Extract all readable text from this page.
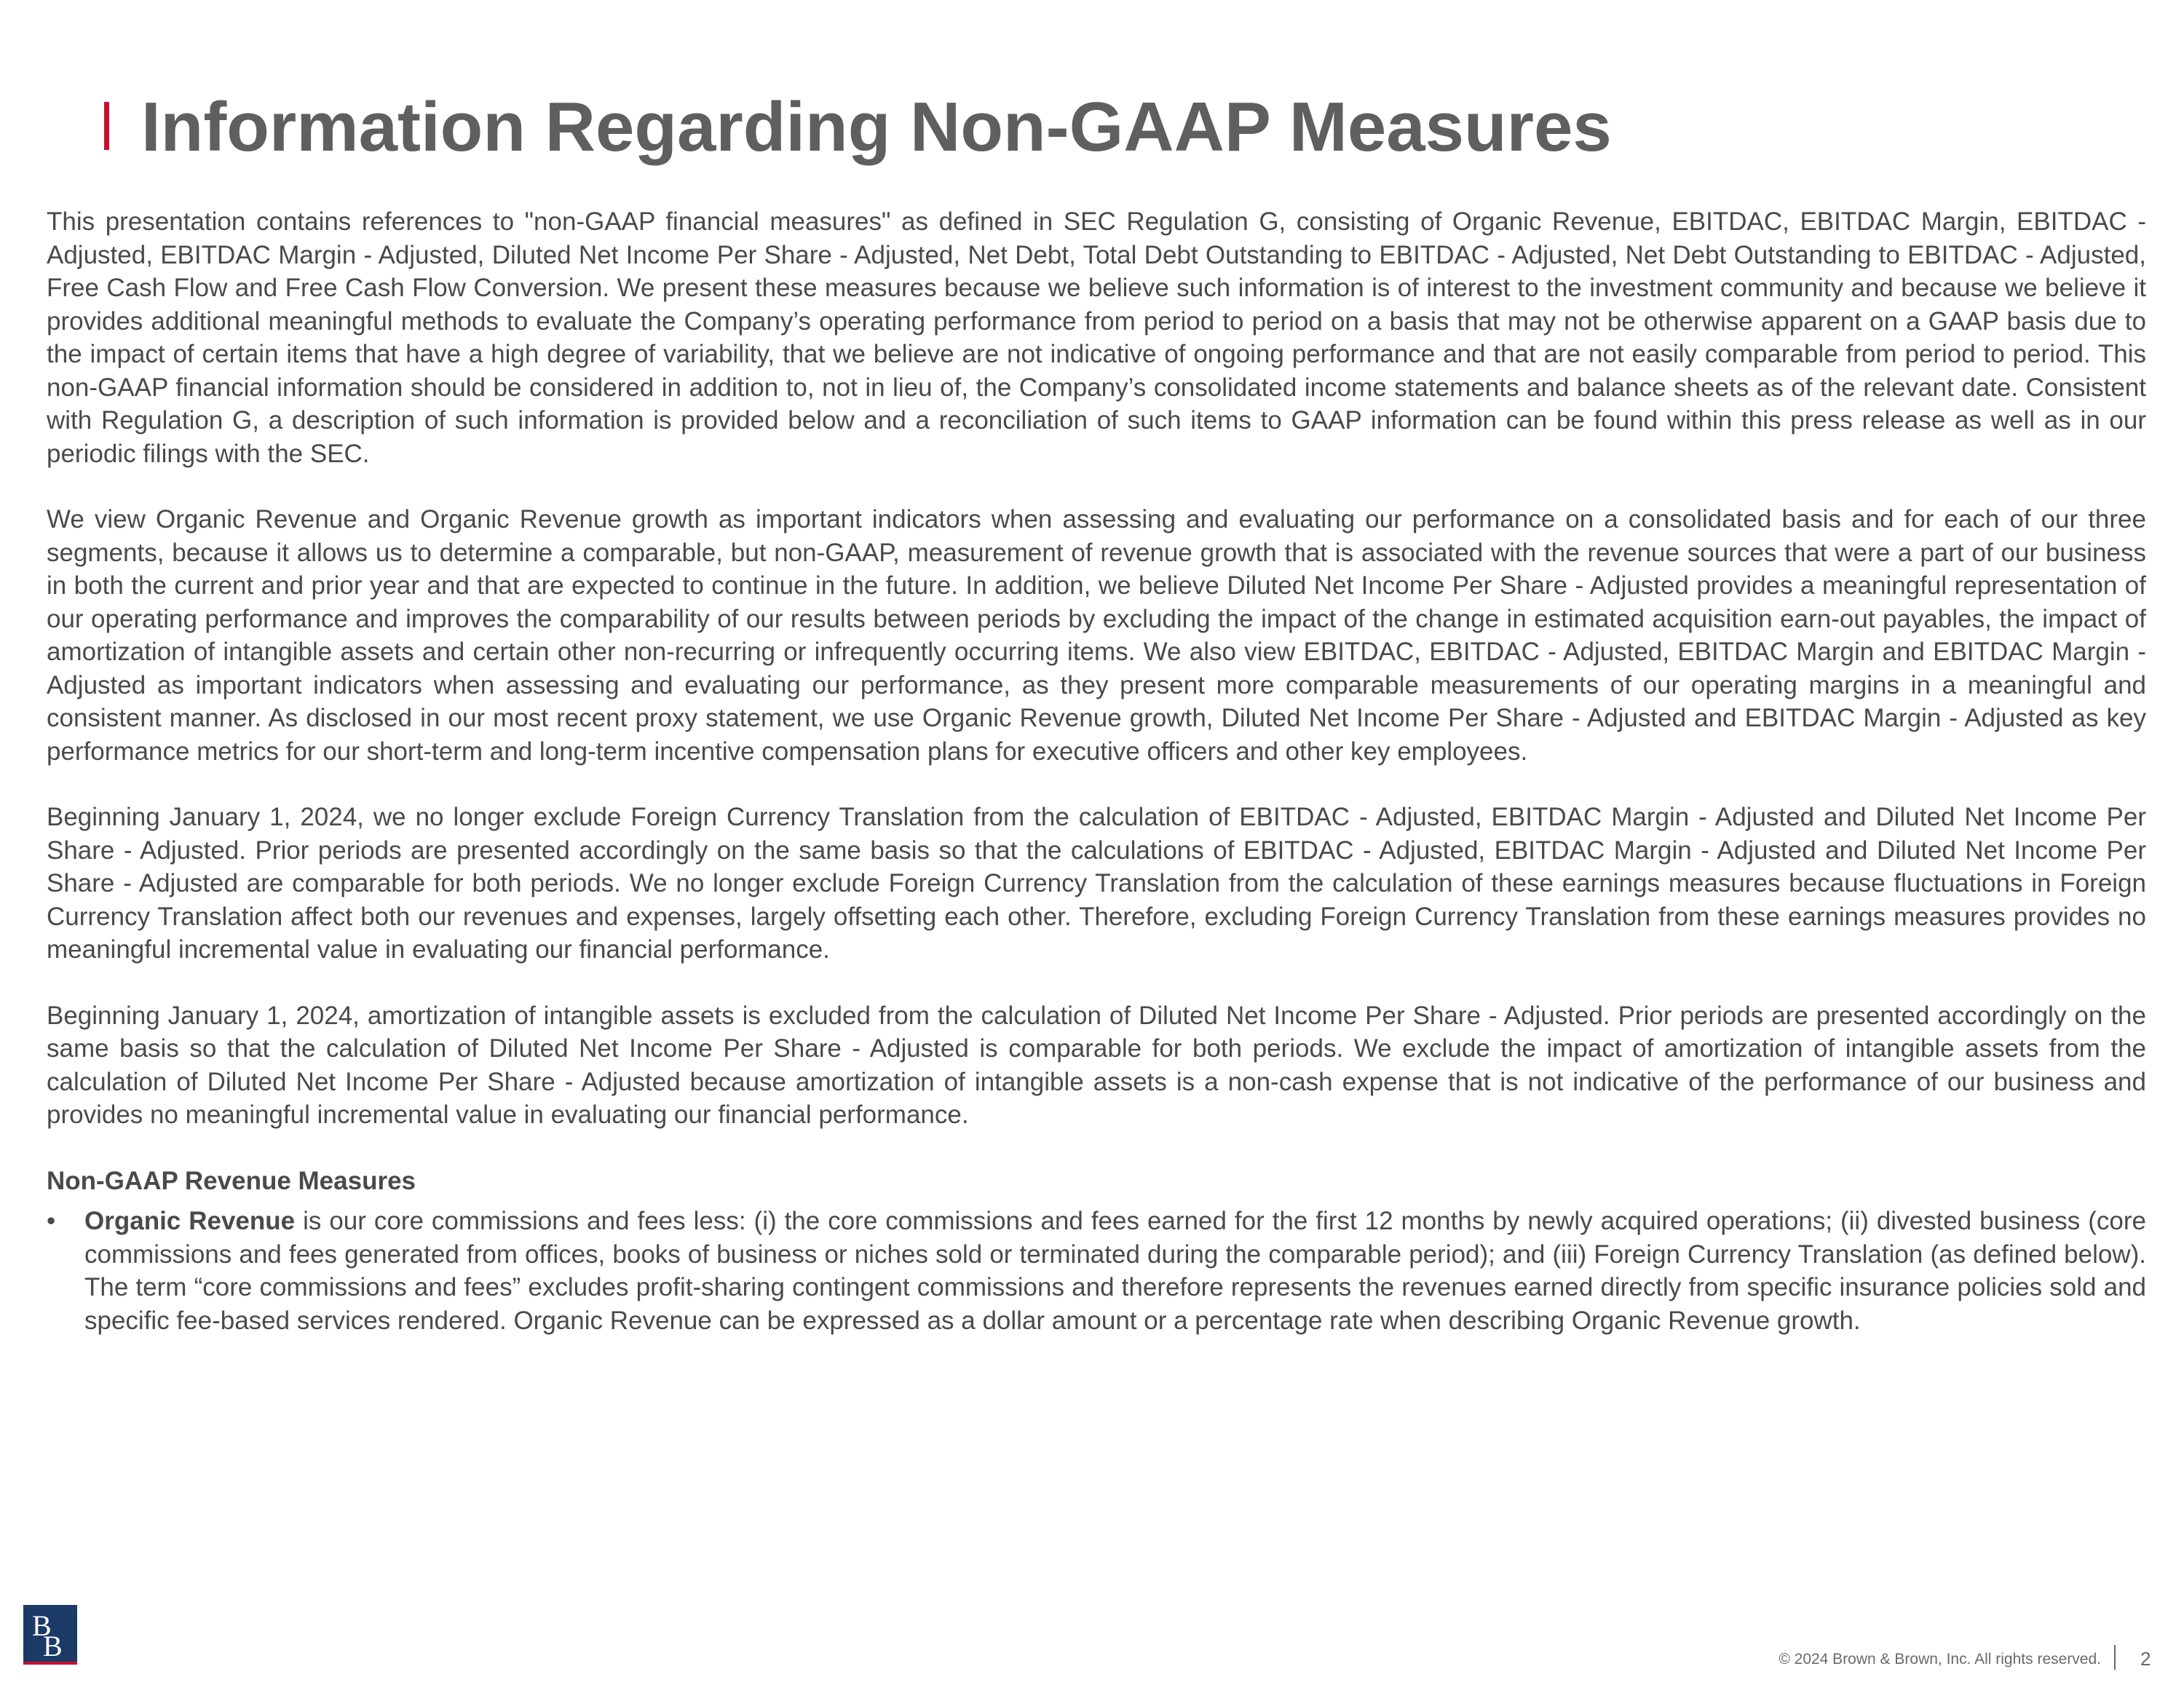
Information Regarding Non-GAAP Measures

This presentation contains references to "non-GAAP financial measures" as defined in SEC Regulation G, consisting of Organic Revenue, EBITDAC, EBITDAC Margin, EBITDAC - Adjusted, EBITDAC Margin - Adjusted, Diluted Net Income Per Share - Adjusted, Net Debt, Total Debt Outstanding to EBITDAC - Adjusted, Net Debt Outstanding to EBITDAC - Adjusted, Free Cash Flow and Free Cash Flow Conversion. We present these measures because we believe such information is of interest to the investment community and because we believe it provides additional meaningful methods to evaluate the Company’s operating performance from period to period on a basis that may not be otherwise apparent on a GAAP basis due to the impact of certain items that have a high degree of variability, that we believe are not indicative of ongoing performance and that are not easily comparable from period to period. This non-GAAP financial information should be considered in addition to, not in lieu of, the Company’s consolidated income statements and balance sheets as of the relevant date. Consistent with Regulation G, a description of such information is provided below and a reconciliation of such items to GAAP information can be found within this press release as well as in our periodic filings with the SEC.

We view Organic Revenue and Organic Revenue growth as important indicators when assessing and evaluating our performance on a consolidated basis and for each of our three segments, because it allows us to determine a comparable, but non-GAAP, measurement of revenue growth that is associated with the revenue sources that were a part of our business in both the current and prior year and that are expected to continue in the future. In addition, we believe Diluted Net Income Per Share - Adjusted provides a meaningful representation of our operating performance and improves the comparability of our results between periods by excluding the impact of the change in estimated acquisition earn-out payables, the impact of amortization of intangible assets and certain other non-recurring or infrequently occurring items. We also view EBITDAC, EBITDAC - Adjusted, EBITDAC Margin and EBITDAC Margin - Adjusted as important indicators when assessing and evaluating our performance, as they present more comparable measurements of our operating margins in a meaningful and consistent manner. As disclosed in our most recent proxy statement, we use Organic Revenue growth, Diluted Net Income Per Share - Adjusted and EBITDAC Margin - Adjusted as key performance metrics for our short-term and long-term incentive compensation plans for executive officers and other key employees.

Beginning January 1, 2024, we no longer exclude Foreign Currency Translation from the calculation of EBITDAC - Adjusted, EBITDAC Margin - Adjusted and Diluted Net Income Per Share - Adjusted. Prior periods are presented accordingly on the same basis so that the calculations of EBITDAC - Adjusted, EBITDAC Margin - Adjusted and Diluted Net Income Per Share - Adjusted are comparable for both periods. We no longer exclude Foreign Currency Translation from the calculation of these earnings measures because fluctuations in Foreign Currency Translation affect both our revenues and expenses, largely offsetting each other. Therefore, excluding Foreign Currency Translation from these earnings measures provides no meaningful incremental value in evaluating our financial performance.

Beginning January 1, 2024, amortization of intangible assets is excluded from the calculation of Diluted Net Income Per Share - Adjusted. Prior periods are presented accordingly on the same basis so that the calculation of Diluted Net Income Per Share - Adjusted is comparable for both periods. We exclude the impact of amortization of intangible assets from the calculation of Diluted Net Income Per Share - Adjusted because amortization of intangible assets is a non-cash expense that is not indicative of the performance of our business and provides no meaningful incremental value in evaluating our financial performance.

Non-GAAP Revenue Measures
• Organic Revenue is our core commissions and fees less: (i) the core commissions and fees earned for the first 12 months by newly acquired operations; (ii) divested business (core commissions and fees generated from offices, books of business or niches sold or terminated during the comparable period); and (iii) Foreign Currency Translation (as defined below). The term “core commissions and fees” excludes profit-sharing contingent commissions and therefore represents the revenues earned directly from specific insurance policies sold and specific fee-based services rendered. Organic Revenue can be expressed as a dollar amount or a percentage rate when describing Organic Revenue growth.
B
B	© 2024 Brown & Brown, Inc. All rights reserved. 2
